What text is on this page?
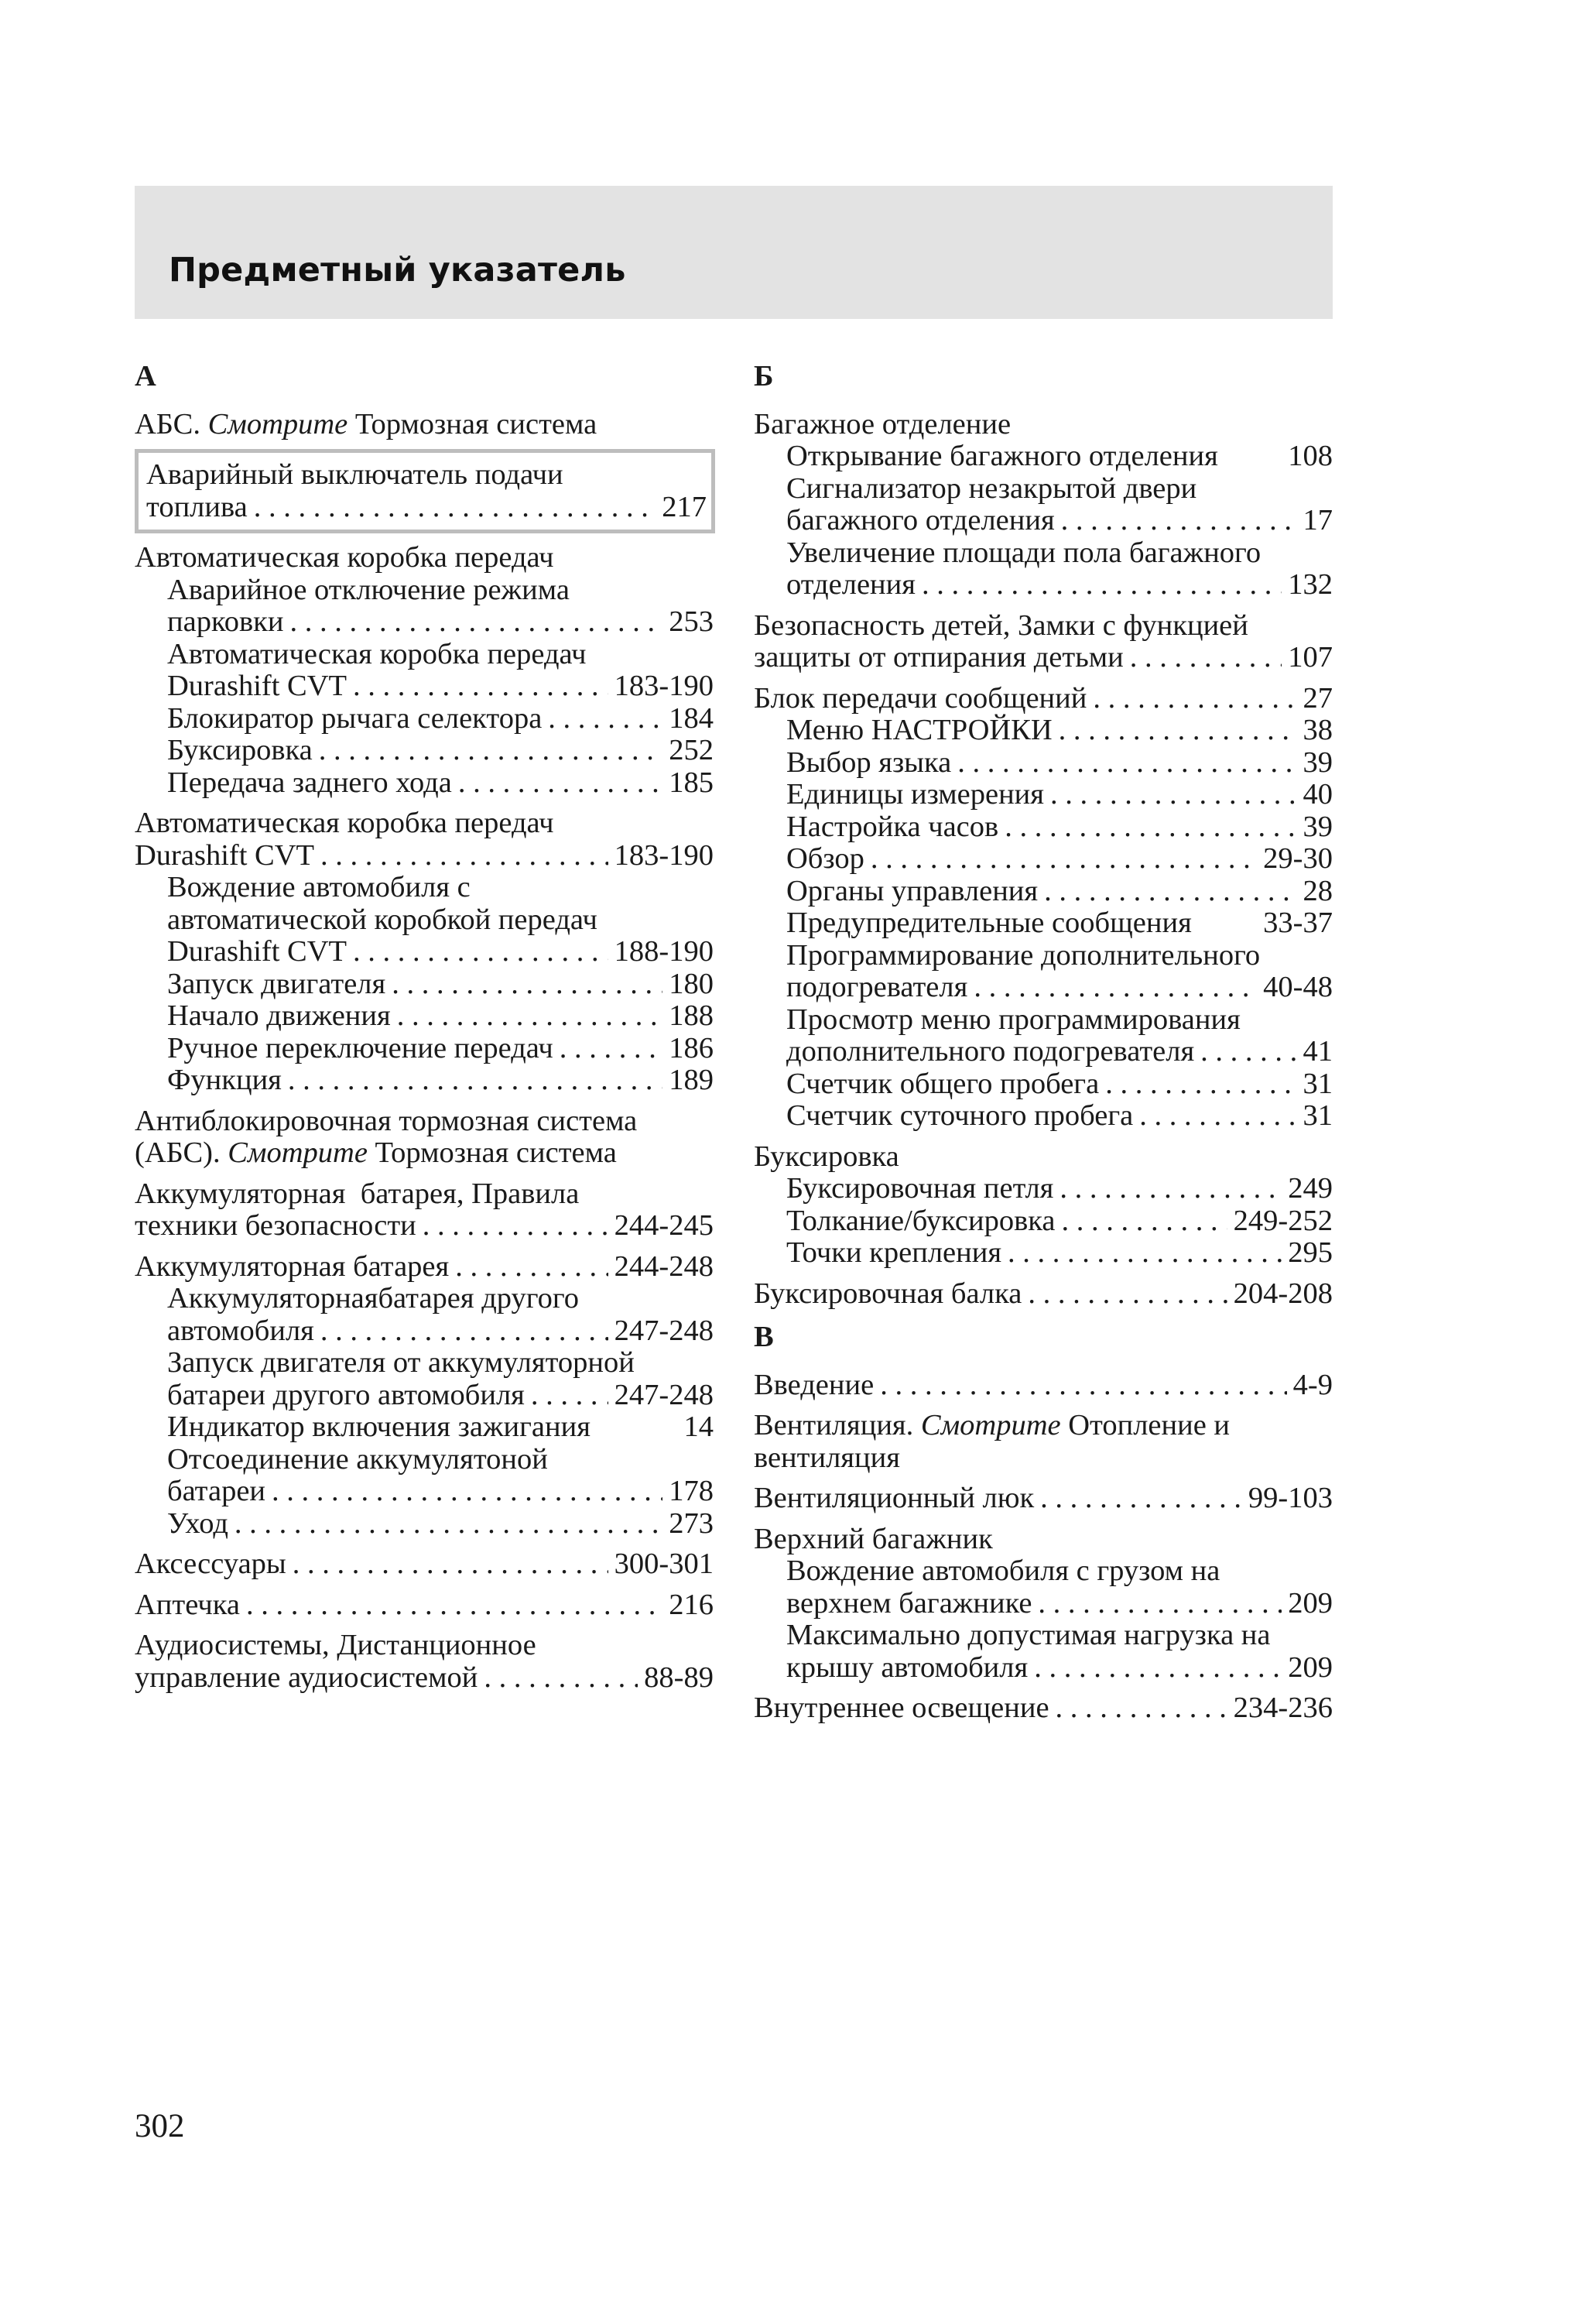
Предметный указатель
А
АБС. Смотрите Тормозная система
Аварийный выключатель подачи
топлива . . .	217
Автоматическая коробка передач
Аварийное отключение режима
парковки . . .	253
Автоматическая коробка передач
Durashift CVT . . .	183-190
Блокиратор рычага селектора . . .	184
Буксировка . . .	252
Передача заднего хода . . .	185
Автоматическая коробка передач
Durashift CVT . . .	183-190
Вождение автомобиля с
автоматической коробкой передач
Durashift CVT . . .	188-190
Запуск двигателя . . .	180
Начало движения . . .	188
Ручное переключение передач . . .	186
Функция . . .	189
Антиблокировочная тормозная система
(АБС). Смотрите Тормозная система
Аккумуляторная  батарея, Правила
техники безопасности . . .	244-245
Аккумуляторная батарея . . .	244-248
Аккумуляторнаябатарея другого
автомобиля . . .	247-248
Запуск двигателя от аккумуляторной
батареи другого автомобиля . . .	247-248
Индикатор включения зажигания	14
Отсоединение аккумулятоной
батареи . . .	178
Уход . . .	273
Аксессуары . . .	300-301
Аптечка . . .	216
Аудиосистемы, Дистанционное
управление аудиосистемой . . .	88-89
Б
Багажное отделение
Открывание багажного отделения 108
Сигнализатор незакрытой двери
багажного отделения . . .	17
Увеличение площади пола багажного
отделения . . .	132
Безопасность детей, Замки с функцией
защиты от отпирания детьми . . .	107
Блок передачи сообщений . . .	27
Меню НАСТРОЙКИ . . .	38
Выбор языка . . .	39
Единицы измерения . . .	40
Настройка часов . . .	39
Обзор . . .	29-30
Органы управления . . .	28
Предупредительные сообщения 33-37
Программирование дополнительного
подогревателя . . .	40-48
Просмотр меню программирования
дополнительного подогревателя . . .	41
Счетчик общего пробега . . .	31
Счетчик суточного пробега . . .	31
Буксировка
Буксировочная петля . . .	249
Толкание/буксировка . . .	249-252
Точки крепления . . .	295
Буксировочная балка . . .	204-208
В
Введение . . .	4-9
Вентиляция. Смотрите Отопление и
вентиляция
Вентиляционный люк . . .	99-103
Верхний багажник
Вождение автомобиля с грузом на
верхнем багажнике . . .	209
Максимально допустимая нагрузка на
крышу автомобиля . . .	209
Внутреннее освещение . . .	234-236

302
